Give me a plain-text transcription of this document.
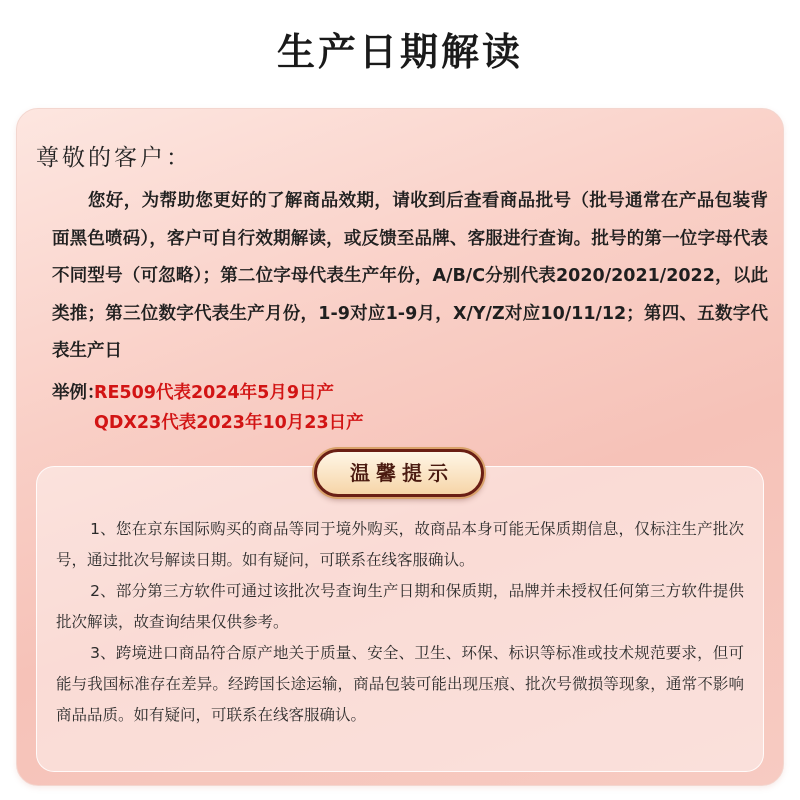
生产日期解读
尊敬的客户：
您好，为帮助您更好的了解商品效期，请收到后查看商品批号（批号通常在产品包装背面黑色喷码），客户可自行效期解读，或反馈至品牌、客服进行查询。批号的第一位字母代表不同型号（可忽略）；第二位字母代表生产年份，A/B/C分别代表2020/2021/2022，以此类推；第三位数字代表生产月份，1-9对应1-9月，X/Y/Z对应10/11/12；第四、五数字代表生产日
举例：
RE509代表2024年5月9日产
QDX23代表2023年10月23日产
温馨提示

1、您在京东国际购买的商品等同于境外购买，故商品本身可能无保质期信息，仅标注生产批次号，通过批次号解读日期。如有疑问，可联系在线客服确认。

2、部分第三方软件可通过该批次号查询生产日期和保质期，品牌并未授权任何第三方软件提供批次解读，故查询结果仅供参考。

3、跨境进口商品符合原产地关于质量、安全、卫生、环保、标识等标准或技术规范要求，但可能与我国标准存在差异。经跨国长途运输，商品包装可能出现压痕、批次号微损等现象，通常不影响商品品质。如有疑问，可联系在线客服确认。
